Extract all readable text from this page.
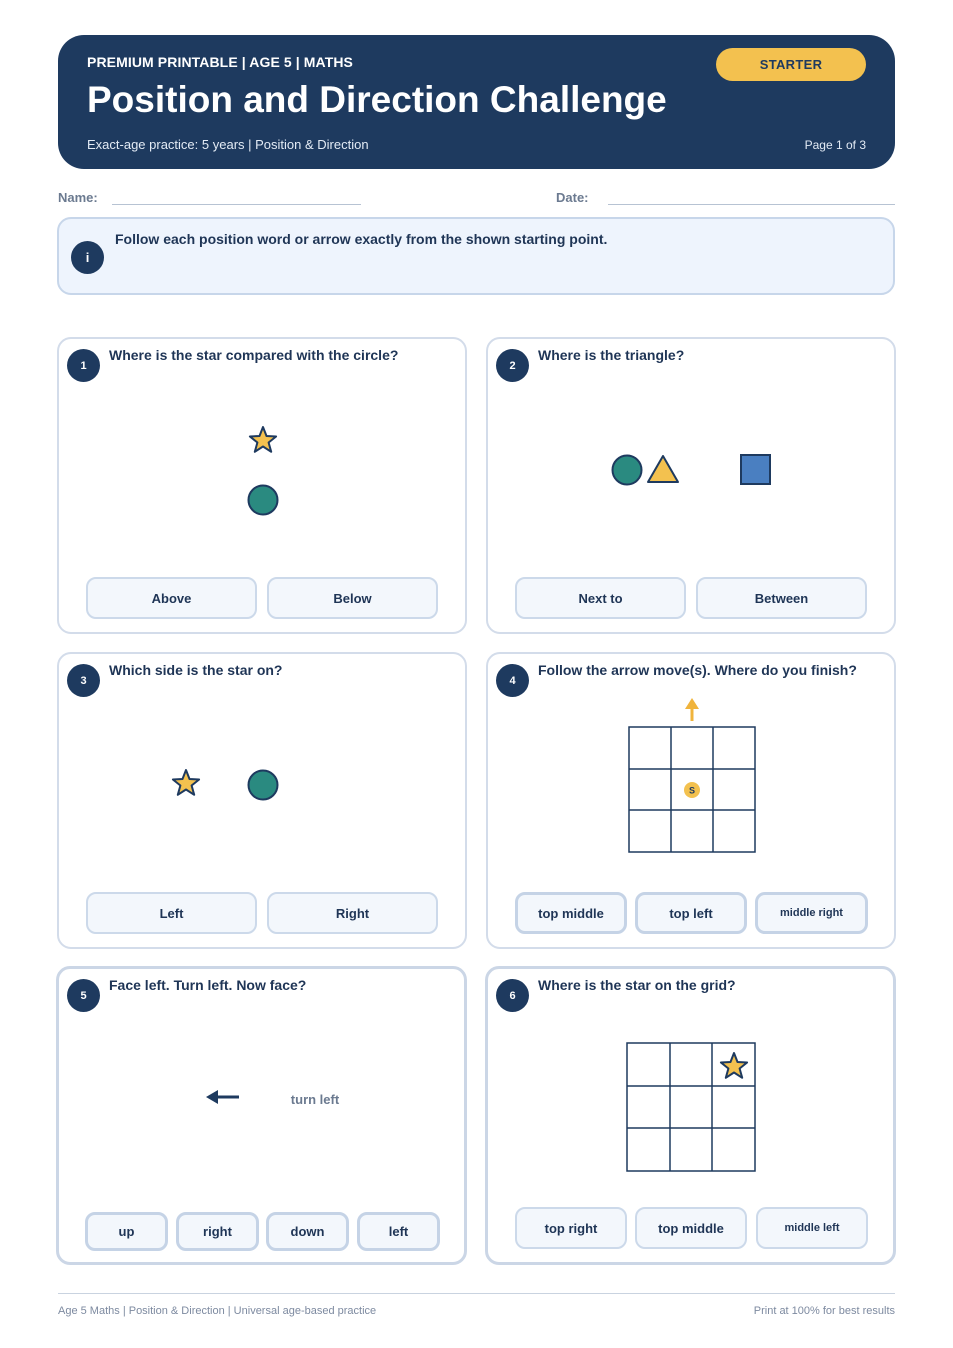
PREMIUM PRINTABLE | AGE 5 | MATHS
Position and Direction Challenge
Exact-age practice: 5 years | Position & Direction	Page 1 of 3
STARTER
Name:	Date:
i
Follow each position word or arrow exactly from the shown starting point.
1
Where is the star compared with the circle?
Above	Below
2
Where is the triangle?
Next to	Between
3
Which side is the star on?
Left	Right
4
Follow the arrow move(s). Where do you finish?
S
top middle	top left	middle right
5
Face left. Turn left. Now face?
turn left
up	right	down	left
6
Where is the star on the grid?
top right	top middle	middle left
Age 5 Maths | Position & Direction | Universal age-based practice	Print at 100% for best results
